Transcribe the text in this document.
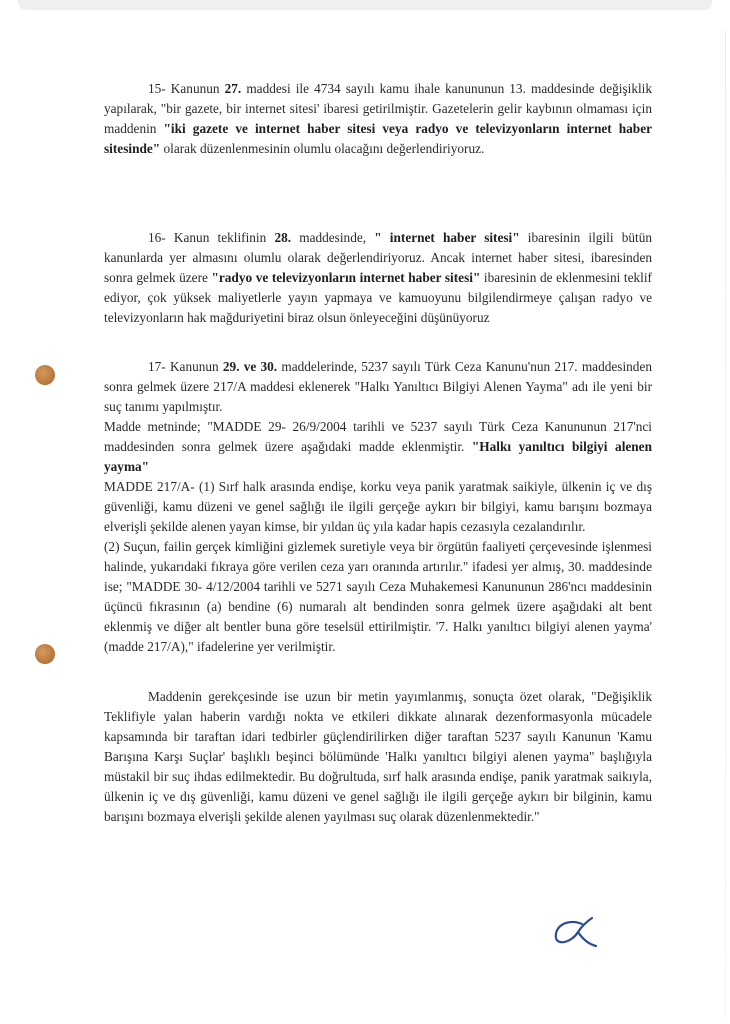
15- Kanunun 27. maddesi ile 4734 sayılı kamu ihale kanununun 13. maddesinde değişiklik yapılarak, "bir gazete, bir internet sitesi' ibaresi getirilmiştir. Gazetelerin gelir kaybının olmaması için maddenin "iki gazete ve internet haber sitesi veya radyo ve televizyonların internet haber sitesinde" olarak düzenlenmesinin olumlu olacağını değerlendiriyoruz.

16- Kanun teklifinin 28. maddesinde, " internet haber sitesi" ibaresinin ilgili bütün kanunlarda yer almasını olumlu olarak değerlendiriyoruz. Ancak internet haber sitesi, ibaresinden sonra gelmek üzere "radyo ve televizyonların internet haber sitesi" ibaresinin de eklenmesini teklif ediyor, çok yüksek maliyetlerle yayın yapmaya ve kamuoyunu bilgilendirmeye çalışan radyo ve televizyonların hak mağduriyetini biraz olsun önleyeceğini düşünüyoruz

17- Kanunun 29. ve 30. maddelerinde, 5237 sayılı Türk Ceza Kanunu'nun 217. maddesinden sonra gelmek üzere 217/A maddesi eklenerek "Halkı Yanıltıcı Bilgiyi Alenen Yayma" adı ile yeni bir suç tanımı yapılmıştır.
Madde metninde; "MADDE 29- 26/9/2004 tarihli ve 5237 sayılı Türk Ceza Kanununun 217'nci maddesinden sonra gelmek üzere aşağıdaki madde eklenmiştir. "Halkı yanıltıcı bilgiyi alenen yayma"
MADDE 217/A- (1) Sırf halk arasında endişe, korku veya panik yaratmak saikiyle, ülkenin iç ve dış güvenliği, kamu düzeni ve genel sağlığı ile ilgili gerçeğe aykırı bir bilgiyi, kamu barışını bozmaya elverişli şekilde alenen yayan kimse, bir yıldan üç yıla kadar hapis cezasıyla cezalandırılır.
(2) Suçun, failin gerçek kimliğini gizlemek suretiyle veya bir örgütün faaliyeti çerçevesinde işlenmesi halinde, yukarıdaki fıkraya göre verilen ceza yarı oranında artırılır." ifadesi yer almış, 30. maddesinde ise; "MADDE 30- 4/12/2004 tarihli ve 5271 sayılı Ceza Muhakemesi Kanununun 286'ncı maddesinin üçüncü fıkrasının (a) bendine (6) numaralı alt bendinden sonra gelmek üzere aşağıdaki alt bent eklenmiş ve diğer alt bentler buna göre teselsül ettirilmiştir. '7. Halkı yanıltıcı bilgiyi alenen yayma' (madde 217/A)," ifadelerine yer verilmiştir.

Maddenin gerekçesinde ise uzun bir metin yayımlanmış, sonuçta özet olarak, "Değişiklik Teklifiyle yalan haberin vardığı nokta ve etkileri dikkate alınarak dezenformasyonla mücadele kapsamında bir taraftan idari tedbirler güçlendirilirken diğer taraftan 5237 sayılı Kanunun 'Kamu Barışına Karşı Suçlar' başlıklı beşinci bölümünde 'Halkı yanıltıcı bilgiyi alenen yayma" başlığıyla müstakil bir suç ihdas edilmektedir. Bu doğrultuda, sırf halk arasında endişe, panik yaratmak saikıyla, ülkenin iç ve dış güvenliği, kamu düzeni ve genel sağlığı ile ilgili gerçeğe aykırı bir bilginin, kamu barışını bozmaya elverişli şekilde alenen yayılması suç olarak düzenlenmektedir."
